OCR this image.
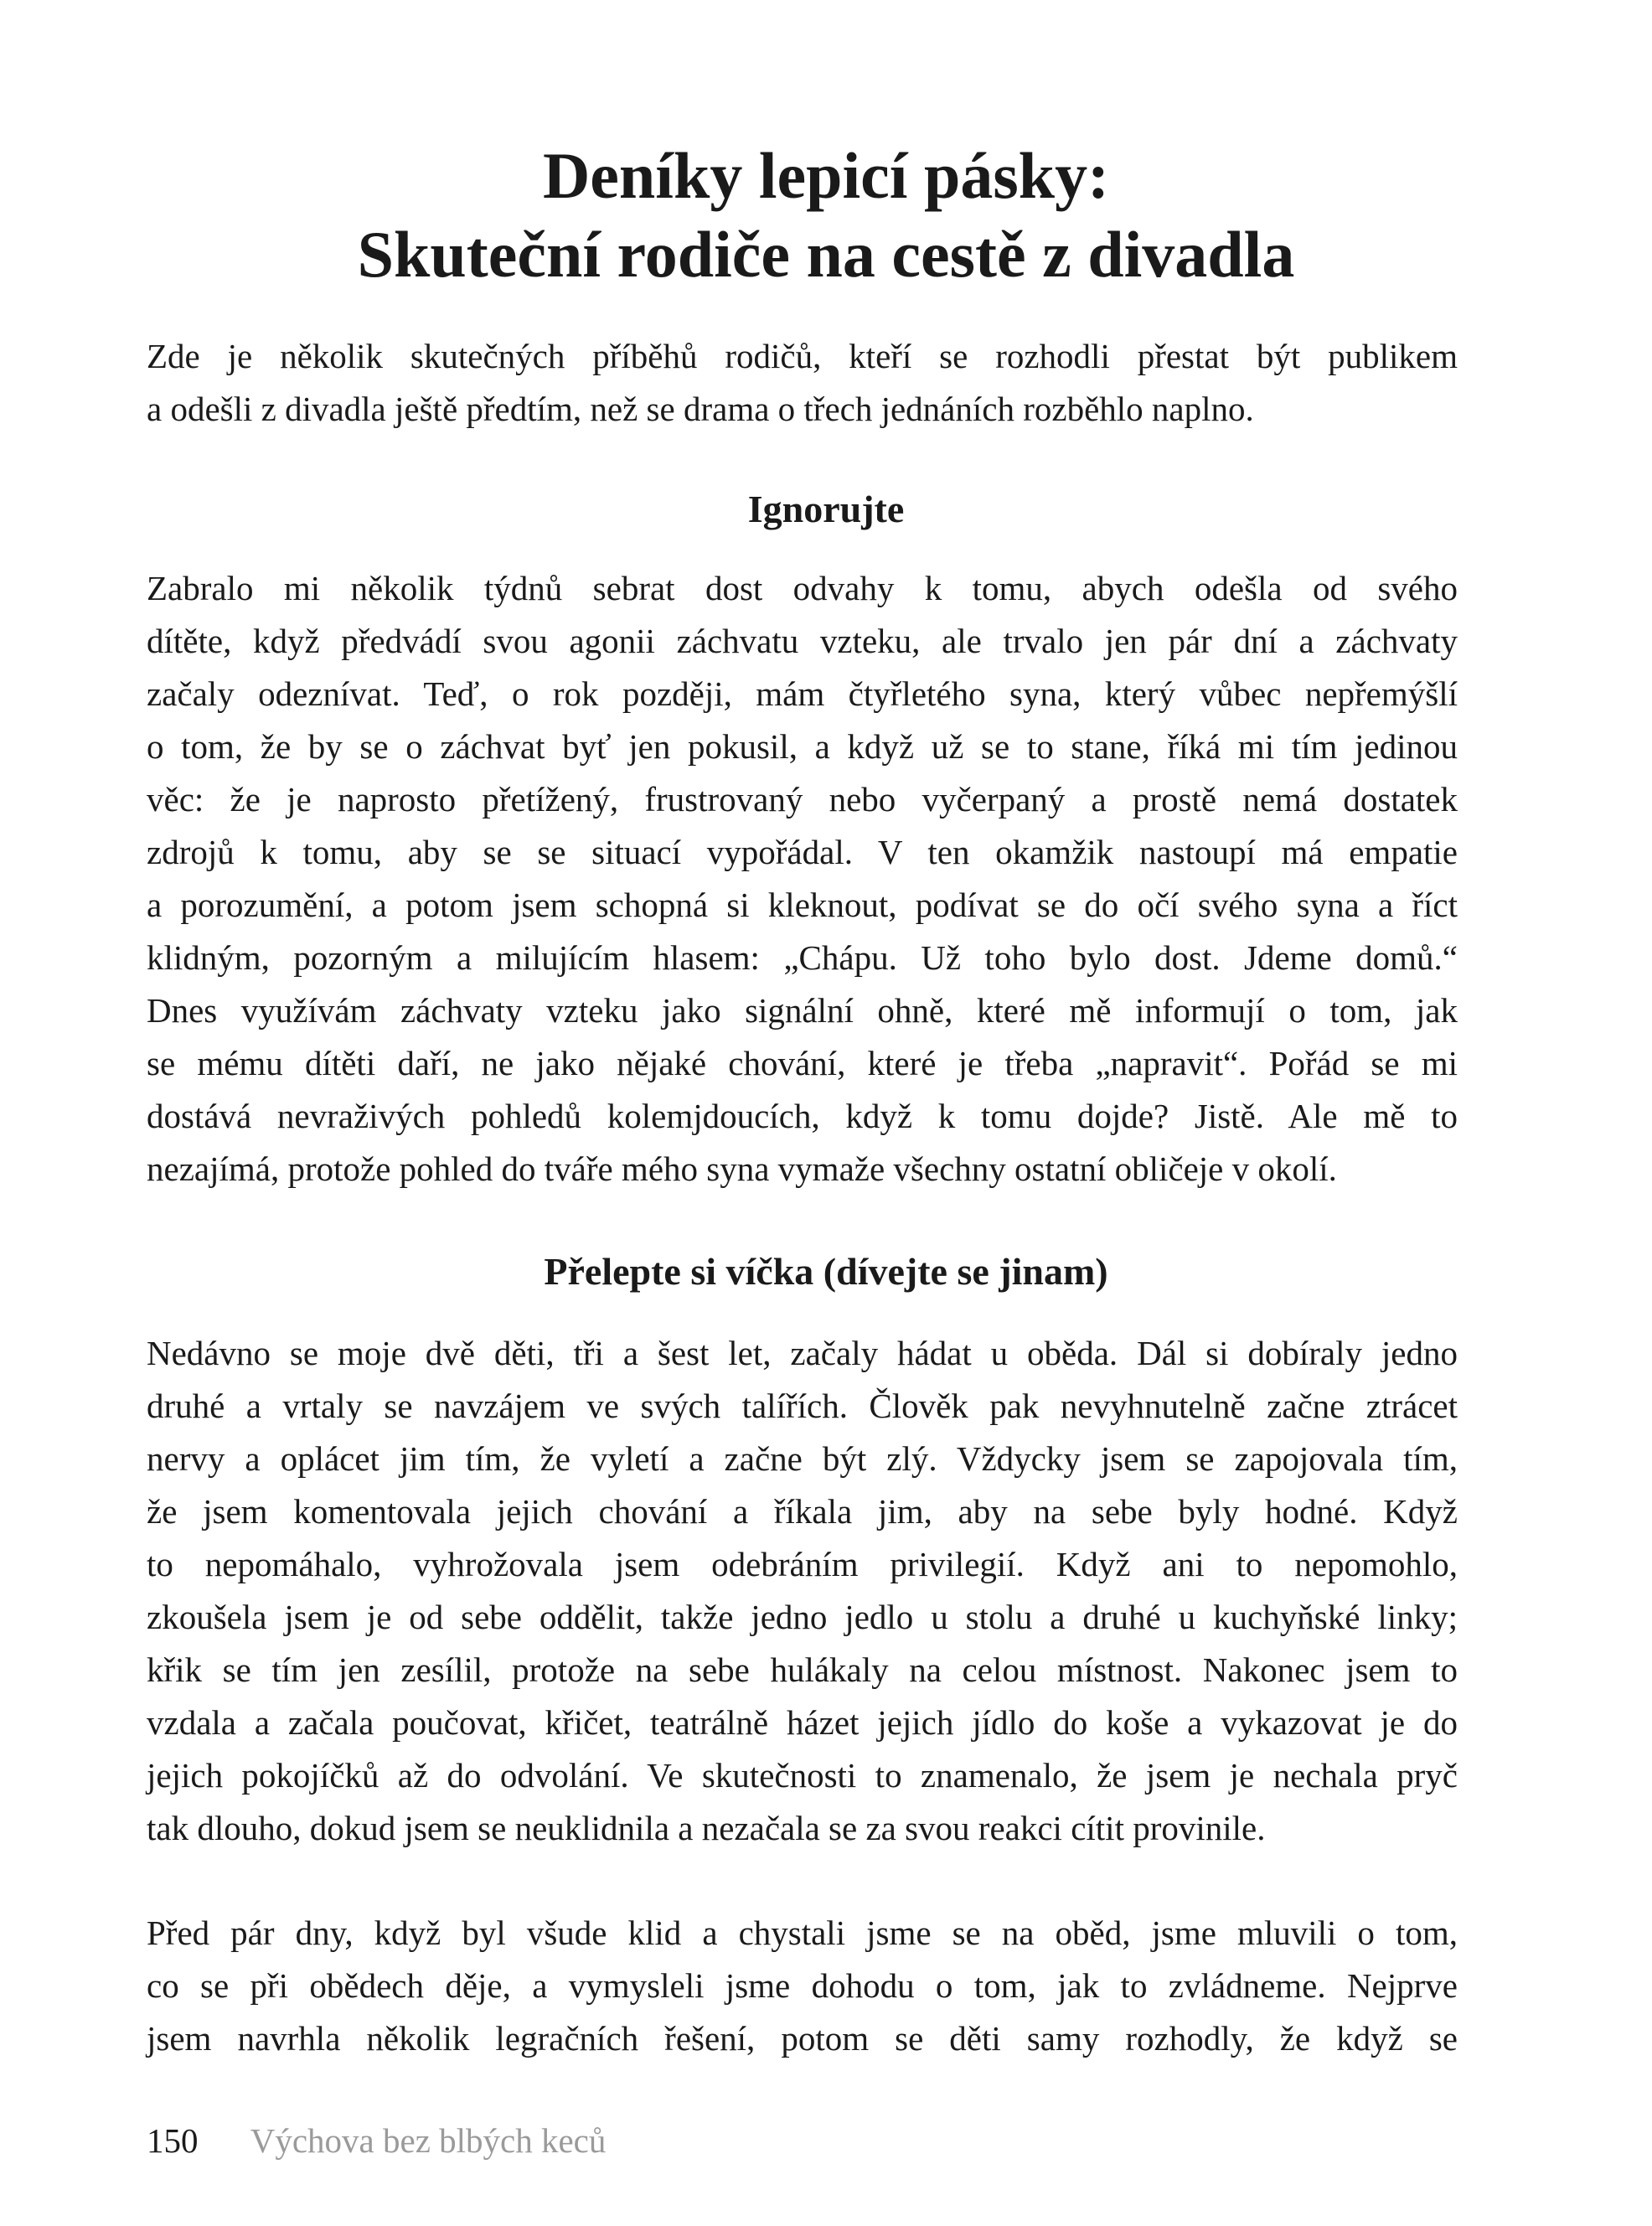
Deníky lepicí pásky:
Skuteční rodiče na cestě z divadla
Zde je několik skutečných příběhů rodičů, kteří se rozhodli přestat být publikem
a odešli z divadla ještě předtím, než se drama o třech jednáních rozběhlo naplno.
Ignorujte
Zabralo mi několik týdnů sebrat dost odvahy k tomu, abych odešla od svého
dítěte, když předvádí svou agonii záchvatu vzteku, ale trvalo jen pár dní a záchvaty
začaly odeznívat. Teď, o rok později, mám čtyřletého syna, který vůbec nepřemýšlí
o tom, že by se o záchvat byť jen pokusil, a když už se to stane, říká mi tím jedinou
věc: že je naprosto přetížený, frustrovaný nebo vyčerpaný a prostě nemá dostatek
zdrojů k tomu, aby se se situací vypořádal. V ten okamžik nastoupí má empatie
a porozumění, a potom jsem schopná si kleknout, podívat se do očí svého syna a říct
klidným, pozorným a milujícím hlasem: „Chápu. Už toho bylo dost. Jdeme domů.“
Dnes využívám záchvaty vzteku jako signální ohně, které mě informují o tom, jak
se mému dítěti daří, ne jako nějaké chování, které je třeba „napravit“. Pořád se mi
dostává nevraživých pohledů kolemjdoucích, když k tomu dojde? Jistě. Ale mě to
nezajímá, protože pohled do tváře mého syna vymaže všechny ostatní obličeje v okolí.
Přelepte si víčka (dívejte se jinam)
Nedávno se moje dvě děti, tři a šest let, začaly hádat u oběda. Dál si dobíraly jedno
druhé a vrtaly se navzájem ve svých talířích. Člověk pak nevyhnutelně začne ztrácet
nervy a oplácet jim tím, že vyletí a začne být zlý. Vždycky jsem se zapojovala tím,
že jsem komentovala jejich chování a říkala jim, aby na sebe byly hodné. Když
to nepomáhalo, vyhrožovala jsem odebráním privilegií. Když ani to nepomohlo,
zkoušela jsem je od sebe oddělit, takže jedno jedlo u stolu a druhé u kuchyňské linky;
křik se tím jen zesílil, protože na sebe hulákaly na celou místnost. Nakonec jsem to
vzdala a začala poučovat, křičet, teatrálně házet jejich jídlo do koše a vykazovat je do
jejich pokojíčků až do odvolání. Ve skutečnosti to znamenalo, že jsem je nechala pryč
tak dlouho, dokud jsem se neuklidnila a nezačala se za svou reakci cítit provinile.
Před pár dny, když byl všude klid a chystali jsme se na oběd, jsme mluvili o tom,
co se při obědech děje, a vymysleli jsme dohodu o tom, jak to zvládneme. Nejprve
jsem navrhla několik legračních řešení, potom se děti samy rozhodly, že když se
150 Výchova bez blbých keců
